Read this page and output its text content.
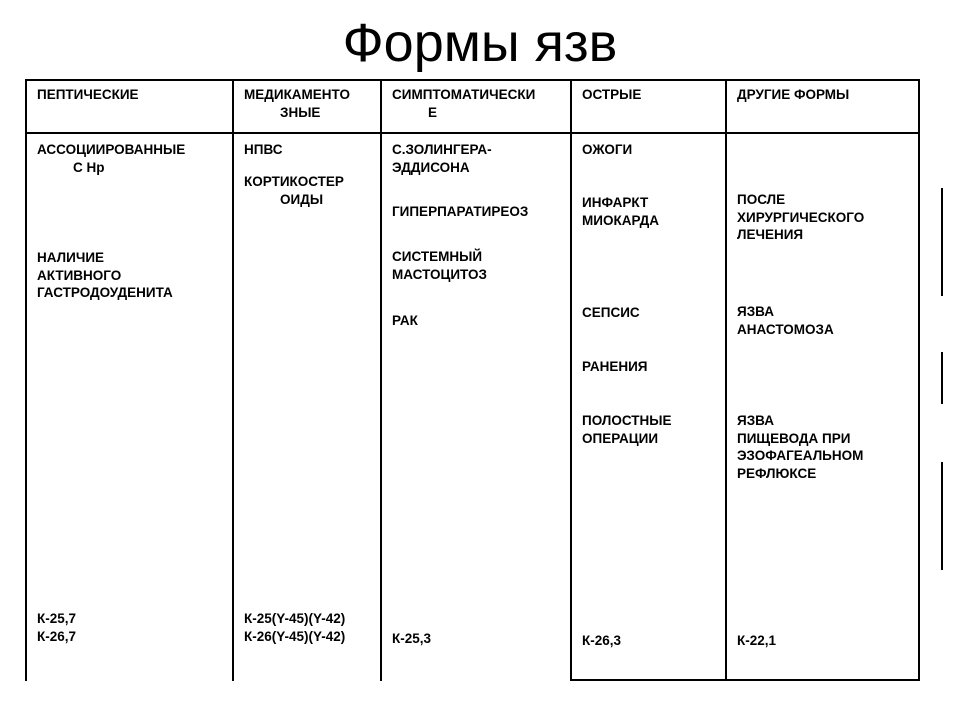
Формы язв
ПЕПТИЧЕСКИЕ
АССОЦИИРОВАННЫЕ
С Нр
НАЛИЧИЕ
АКТИВНОГО
ГАСТРОДОУДЕНИТА
К-25,7
К-26,7
МЕДИКАМЕНТО
ЗНЫЕ
НПВС
КОРТИКОСТЕР
ОИДЫ
К-25(Y-45)(Y-42)
К-26(Y-45)(Y-42)
СИМПТОМАТИЧЕСКИ
Е
С.ЗОЛИНГЕРА-
ЭДДИСОНА
ГИПЕРПАРАТИРЕОЗ
СИСТЕМНЫЙ
МАСТОЦИТОЗ
РАК
К-25,3
ОСТРЫЕ
ОЖОГИ
ИНФАРКТ
МИОКАРДА
СЕПСИС
РАНЕНИЯ
ПОЛОСТНЫЕ
ОПЕРАЦИИ
К-26,3
ДРУГИЕ ФОРМЫ
ПОСЛЕ
ХИРУРГИЧЕСКОГО
ЛЕЧЕНИЯ
ЯЗВА
АНАСТОМОЗА
ЯЗВА
ПИЩЕВОДА ПРИ
ЭЗОФАГЕАЛЬНОМ
РЕФЛЮКСЕ
К-22,1
